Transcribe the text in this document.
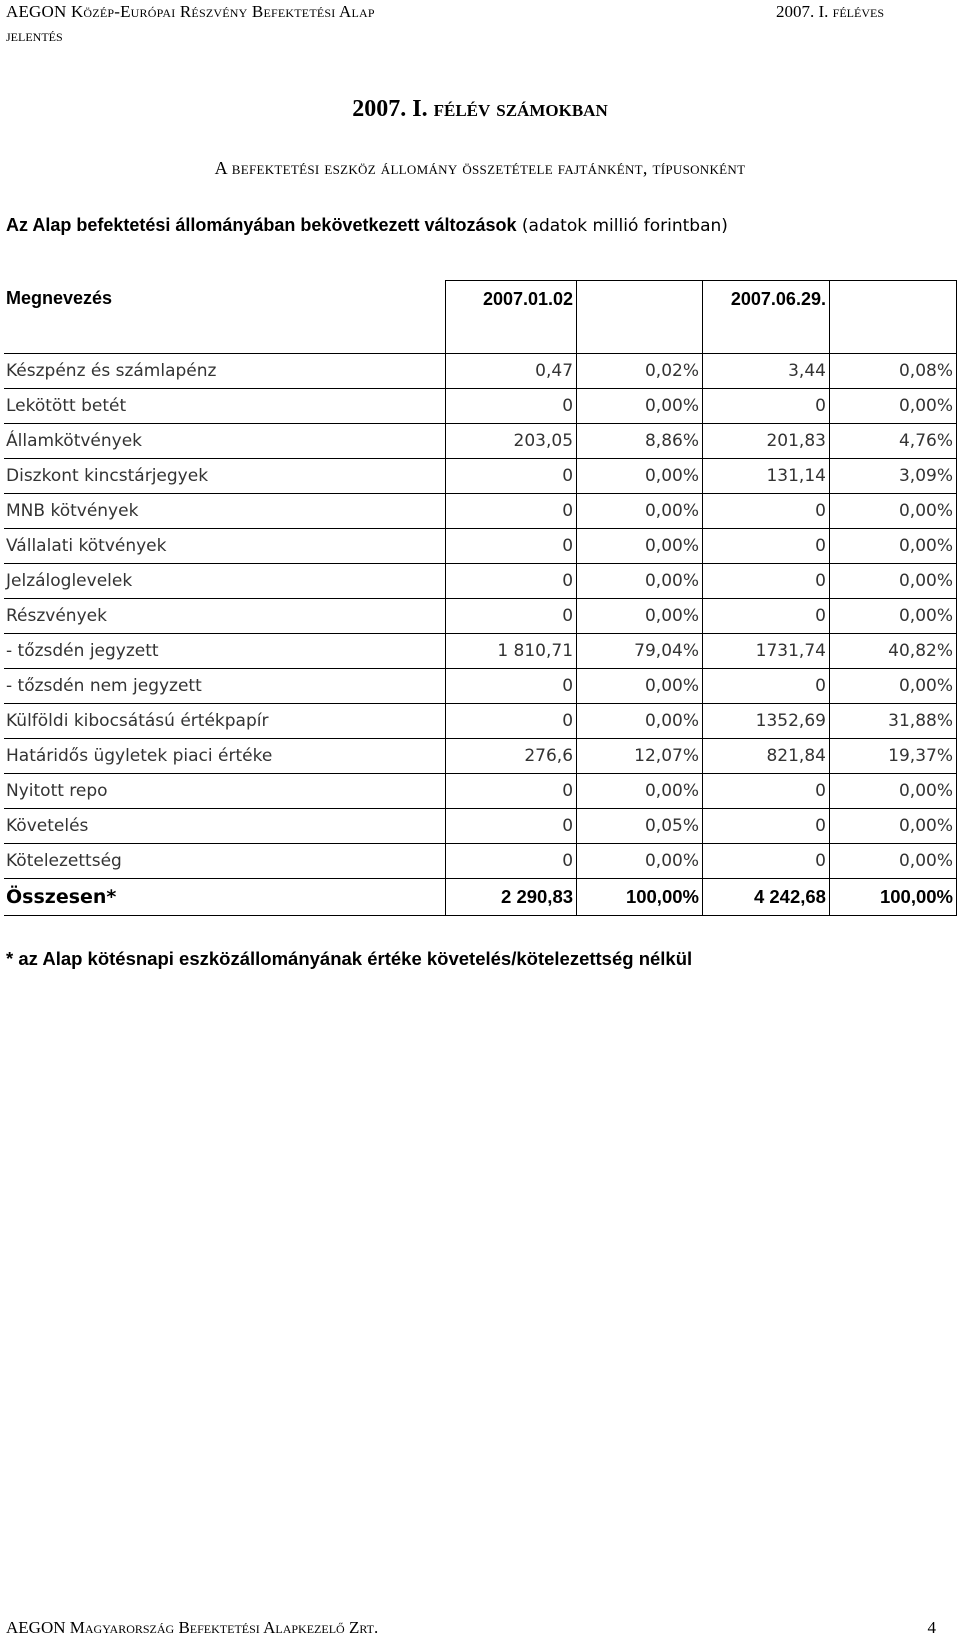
AEGON Közép-Európai Részvény Befektetési Alap	2007. I. féléves
jelentés
2007. I. félév számokban
A befektetési eszköz állomány összetétele fajtánként, típusonként
Az Alap befektetési állományában bekövetkezett változások (adatok millió forintban)
Megnevezés	2007.01.02		2007.06.29.	

Készpénz és számlapénz	0,47	0,02%	3,44	0,08%
Lekötött betét	0	0,00%	0	0,00%
Államkötvények	203,05	8,86%	201,83	4,76%
Diszkont kincstárjegyek	0	0,00%	131,14	3,09%
MNB kötvények	0	0,00%	0	0,00%
Vállalati kötvények	0	0,00%	0	0,00%
Jelzáloglevelek	0	0,00%	0	0,00%
Részvények	0	0,00%	0	0,00%
- tőzsdén jegyzett	1 810,71	79,04%	1731,74	40,82%
- tőzsdén nem jegyzett	0	0,00%	0	0,00%
Külföldi kibocsátású értékpapír	0	0,00%	1352,69	31,88%
Határidős ügyletek piaci értéke	276,6	12,07%	821,84	19,37%
Nyitott repo	0	0,00%	0	0,00%
Követelés	0	0,05%	0	0,00%
Kötelezettség	0	0,00%	0	0,00%
Összesen*	2 290,83	100,00%	4 242,68	100,00%
* az Alap kötésnapi eszközállományának értéke követelés/kötelezettség nélkül
AEGON Magyarország Befektetési Alapkezelő Zrt.	4
